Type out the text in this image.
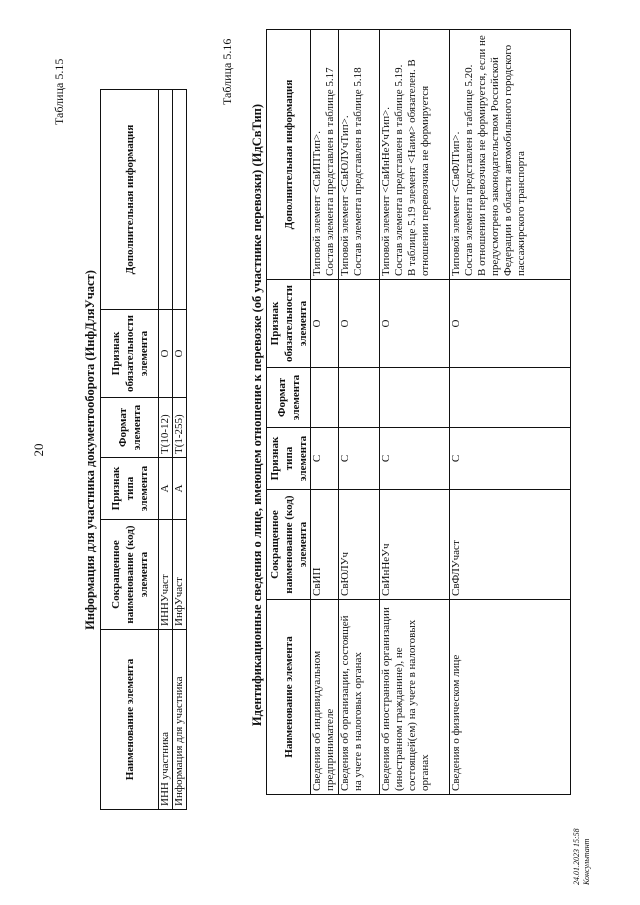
20
Таблица 5.15
Информация для участника документооборота (ИнфДляУчаст)
Наименование элемента	Сокращенное наименование (код) элемента	Признак типа элемента	Формат элемента	Признак обязательности элемента	Дополнительная информация
ИНН участника	ИННУчаст	А	Т(10-12)	О	
Информация для участника	ИнфУчаст	А	Т(1-255)	О	
Таблица 5.16
Идентификационные сведения о лице, имеющем отношение к перевозке (об участнике перевозки) (ИдСвТип) Наименование элемента	Сокращенное наименование (код) элемента	Признак типа элемента	Формат элемента	Признак обязательности элемента	Дополнительная информация
Сведения об индивидуальном предпринимателе	СвИП	С		О	Типовой элемент <СвИПТип>. Состав элемента представлен в таблице 5.17

Сведения об организации, состоящей на учете в налоговых органах	СвЮЛУч	С		О	Типовой элемент <СвЮЛУчТип>. Состав элемента представлен в таблице 5.18

Сведения об иностранной организации (иностранном гражданине), не состоящей(ем) на учете в налоговых органах	СвИнНеУч	С		О	Типовой элемент <СвИнНеУчТип>. Состав элемента представлен в таблице 5.19. В таблице 5.19 элемент <Наим> обязателен. В отношении перевозчика не формируется

Сведения о физическом лице	СвФЛУчаст	С		О	Типовой элемент <СвФЛТип>. Состав элемента представлен в таблице 5.20. В отношении перевозчика не формируется, если не предусмотрено законодательством Российской Федерации в области автомобильного городского пассажирского транспорта
24.01.2023 15:58 Консультант
